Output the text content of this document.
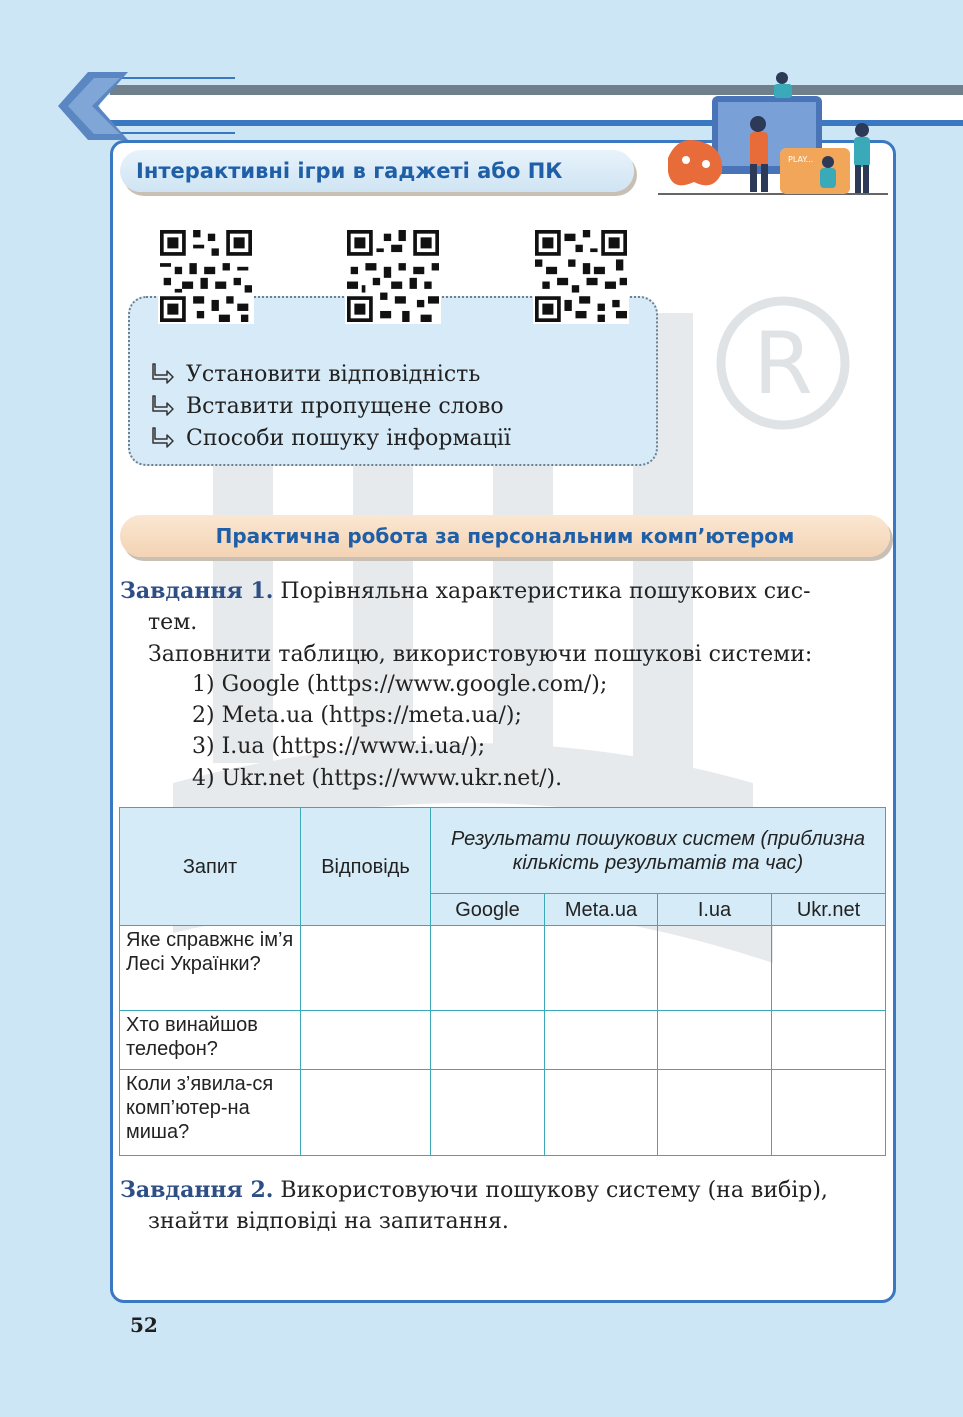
R
Інтерактивні ігри в гаджеті або ПК	PLAY...
Установити відповідність
Вставити пропущене слово
Способи пошуку інформації
Практична робота за персональним комп’ютером
Завдання 1. Порівняльна характеристика пошукових сис-
тем.
Заповнити таблицю, використовуючи пошукові системи:
1) Google (https://www.google.com/);
2) Meta.ua (https://meta.ua/);
3) I.ua (https://www.i.ua/);
4) Ukr.net (https://www.ukr.net/).
Запит	Відповідь	Результати пошукових систем (приблизна кількість результатів та час)			
		Google	Meta.ua	I.ua	Ukr.net
Яке справжнє ім’я Лесі Українки?					
Хто винайшов телефон?					
Коли з’явила-ся комп’ютер-на миша?					
Завдання 2. Використовуючи пошукову систему (на вибір),
знайти відповіді на запитання.
52
